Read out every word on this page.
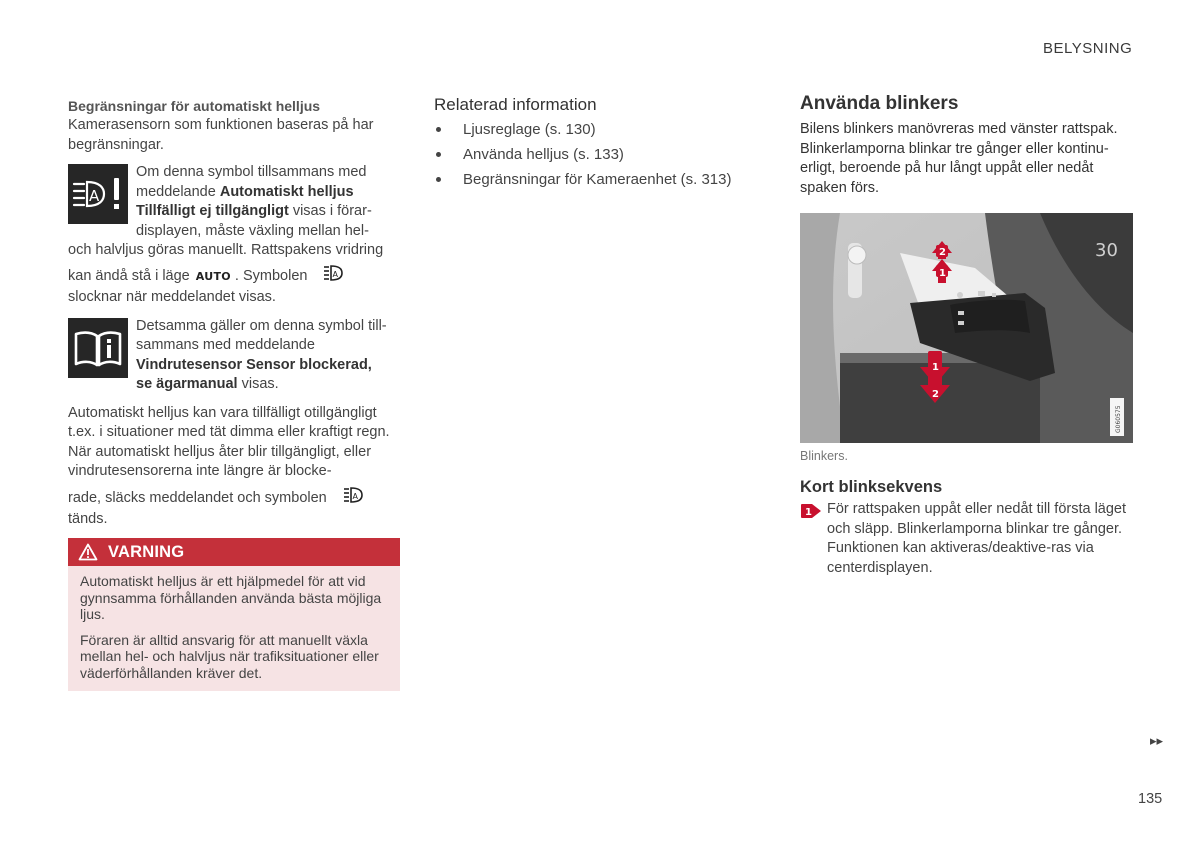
BELYSNING
Begränsningar för automatiskt helljus

Kamerasensorn som funktionen baseras på har begränsningar.

A

Om denna symbol tillsammans med

meddelande Automatiskt helljus

Tillfälligt ej tillgängligt visas i förar-

displayen, måste växling mellan hel-

och halvljus göras manuellt. Rattspakens vridring

kan ändå stå i läge AUTO . Symbolen	A

slocknar när meddelandet visas.

Detsamma gäller om denna symbol till-

sammans med meddelande

Vindrutesensor Sensor blockerad,

se ägarmanual visas.

Automatiskt helljus kan vara tillfälligt otillgängligt t.ex. i situationer med tät dimma eller kraftigt regn. När automatiskt helljus åter blir tillgängligt, eller vindrutesensorerna inte längre är blocke-

rade, släcks meddelandet och symbolen	A

tänds.

VARNING

Automatiskt helljus är ett hjälpmedel för att vid gynnsamma förhållanden använda bästa möjliga ljus.

Föraren är alltid ansvarig för att manuellt växla mellan hel- och halvljus när trafiksituationer eller väderförhållanden kräver det.

Relaterad information
Ljusreglage (s. 130)
Använda helljus (s. 133)
Begränsningar för Kameraenhet (s. 313)
Använda blinkers
Bilens blinkers manövreras med vänster rattspak. Blinkerlamporna blinkar tre gånger eller kontinu-erligt, beroende på hur långt uppåt eller nedåt spaken förs.
30
2
1
1
2
G060575
Blinkers.
Kort blinksekvens
1 För rattspaken uppåt eller nedåt till första läget och släpp. Blinkerlamporna blinkar tre gånger. Funktionen kan aktiveras/deaktive-ras via centerdisplayen.
▸▸
135
